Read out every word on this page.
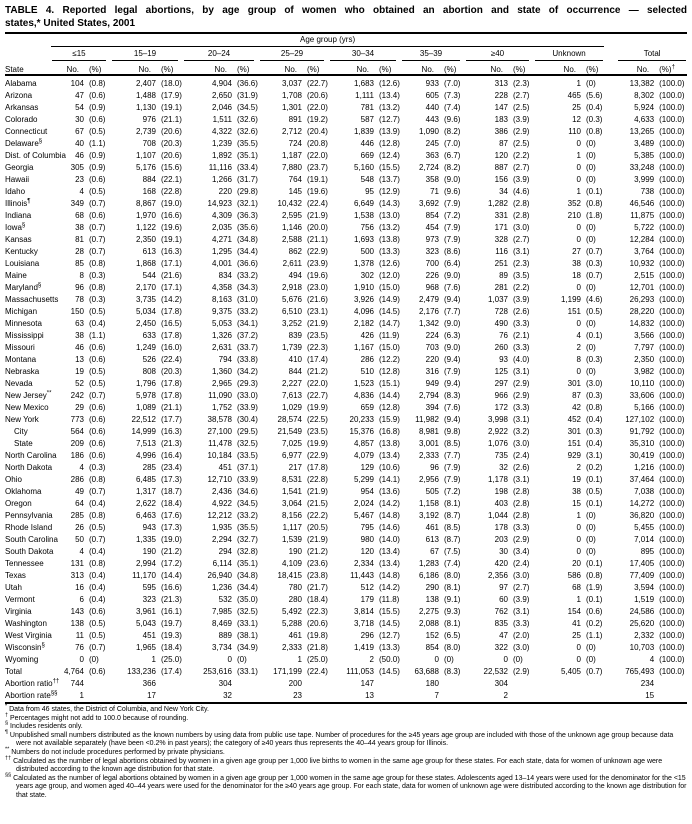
TABLE 4. Reported legal abortions, by age group of women who obtained an abortion and state of occurrence — selected
states,* United States, 2001

	Age group (yrs)																	

	≤15		15–19		20–24		25–29		30–34		35–39		≥40		Unknown		Total	

State	No.	(%)	No.	(%)	No.	(%)	No.	(%)	No.	(%)	No.	(%)	No.	(%)	No.	(%)	No.	(%)†
Alabama	104	(0.8)	2,407	(18.0)	4,904	(36.6)	3,037	(22.7)	1,683	(12.6)	933	(7.0)	313	(2.3)	1	(0)	13,382	(100.0)
Arizona	47	(0.6)	1,488	(17.9)	2,650	(31.9)	1,708	(20.6)	1,111	(13.4)	605	(7.3)	228	(2.7)	465	(5.6)	8,302	(100.0)
Arkansas	54	(0.9)	1,130	(19.1)	2,046	(34.5)	1,301	(22.0)	781	(13.2)	440	(7.4)	147	(2.5)	25	(0.4)	5,924	(100.0)
Colorado	30	(0.6)	976	(21.1)	1,511	(32.6)	891	(19.2)	587	(12.7)	443	(9.6)	183	(3.9)	12	(0.3)	4,633	(100.0)
Connecticut	67	(0.5)	2,739	(20.6)	4,322	(32.6)	2,712	(20.4)	1,839	(13.9)	1,090	(8.2)	386	(2.9)	110	(0.8)	13,265	(100.0)
Delaware§	40	(1.1)	708	(20.3)	1,239	(35.5)	724	(20.8)	446	(12.8)	245	(7.0)	87	(2.5)	0	(0)	3,489	(100.0)
Dist. of Columbia	46	(0.9)	1,107	(20.6)	1,892	(35.1)	1,187	(22.0)	669	(12.4)	363	(6.7)	120	(2.2)	1	(0)	5,385	(100.0)
Georgia	305	(0.9)	5,176	(15.6)	11,116	(33.4)	7,880	(23.7)	5,160	(15.5)	2,724	(8.2)	887	(2.7)	0	(0)	33,248	(100.0)
Hawaii	23	(0.6)	884	(22.1)	1,266	(31.7)	764	(19.1)	548	(13.7)	358	(9.0)	156	(3.9)	0	(0)	3,999	(100.0)
Idaho	4	(0.5)	168	(22.8)	220	(29.8)	145	(19.6)	95	(12.9)	71	(9.6)	34	(4.6)	1	(0.1)	738	(100.0)
Illinois¶	349	(0.7)	8,867	(19.0)	14,923	(32.1)	10,432	(22.4)	6,649	(14.3)	3,692	(7.9)	1,282	(2.8)	352	(0.8)	46,546	(100.0)
Indiana	68	(0.6)	1,970	(16.6)	4,309	(36.3)	2,595	(21.9)	1,538	(13.0)	854	(7.2)	331	(2.8)	210	(1.8)	11,875	(100.0)
Iowa§	38	(0.7)	1,122	(19.6)	2,035	(35.6)	1,146	(20.0)	756	(13.2)	454	(7.9)	171	(3.0)	0	(0)	5,722	(100.0)
Kansas	81	(0.7)	2,350	(19.1)	4,271	(34.8)	2,588	(21.1)	1,693	(13.8)	973	(7.9)	328	(2.7)	0	(0)	12,284	(100.0)
Kentucky	28	(0.7)	613	(16.3)	1,295	(34.4)	862	(22.9)	500	(13.3)	323	(8.6)	116	(3.1)	27	(0.7)	3,764	(100.0)
Louisiana	85	(0.8)	1,868	(17.1)	4,001	(36.6)	2,611	(23.9)	1,378	(12.6)	700	(6.4)	251	(2.3)	38	(0.3)	10,932	(100.0)
Maine	8	(0.3)	544	(21.6)	834	(33.2)	494	(19.6)	302	(12.0)	226	(9.0)	89	(3.5)	18	(0.7)	2,515	(100.0)
Maryland§	96	(0.8)	2,170	(17.1)	4,358	(34.3)	2,918	(23.0)	1,910	(15.0)	968	(7.6)	281	(2.2)	0	(0)	12,701	(100.0)
Massachusetts	78	(0.3)	3,735	(14.2)	8,163	(31.0)	5,676	(21.6)	3,926	(14.9)	2,479	(9.4)	1,037	(3.9)	1,199	(4.6)	26,293	(100.0)
Michigan	150	(0.5)	5,034	(17.8)	9,375	(33.2)	6,510	(23.1)	4,096	(14.5)	2,176	(7.7)	728	(2.6)	151	(0.5)	28,220	(100.0)
Minnesota	63	(0.4)	2,450	(16.5)	5,053	(34.1)	3,252	(21.9)	2,182	(14.7)	1,342	(9.0)	490	(3.3)	0	(0)	14,832	(100.0)
Mississippi	38	(1.1)	633	(17.8)	1,326	(37.2)	839	(23.5)	426	(11.9)	224	(6.3)	76	(2.1)	4	(0.1)	3,566	(100.0)
Missouri	46	(0.6)	1,249	(16.0)	2,631	(33.7)	1,739	(22.3)	1,167	(15.0)	703	(9.0)	260	(3.3)	2	(0)	7,797	(100.0)
Montana	13	(0.6)	526	(22.4)	794	(33.8)	410	(17.4)	286	(12.2)	220	(9.4)	93	(4.0)	8	(0.3)	2,350	(100.0)
Nebraska	19	(0.5)	808	(20.3)	1,360	(34.2)	844	(21.2)	510	(12.8)	316	(7.9)	125	(3.1)	0	(0)	3,982	(100.0)
Nevada	52	(0.5)	1,796	(17.8)	2,965	(29.3)	2,227	(22.0)	1,523	(15.1)	949	(9.4)	297	(2.9)	301	(3.0)	10,110	(100.0)
New Jersey**	242	(0.7)	5,978	(17.8)	11,090	(33.0)	7,613	(22.7)	4,836	(14.4)	2,794	(8.3)	966	(2.9)	87	(0.3)	33,606	(100.0)
New Mexico	29	(0.6)	1,089	(21.1)	1,752	(33.9)	1,029	(19.9)	659	(12.8)	394	(7.6)	172	(3.3)	42	(0.8)	5,166	(100.0)
New York	773	(0.6)	22,512	(17.7)	38,578	(30.4)	28,574	(22.5)	20,233	(15.9)	11,982	(9.4)	3,998	(3.1)	452	(0.4)	127,102	(100.0)
City	564	(0.6)	14,999	(16.3)	27,100	(29.5)	21,549	(23.5)	15,376	(16.8)	8,981	(9.8)	2,922	(3.2)	301	(0.3)	91,792	(100.0)
State	209	(0.6)	7,513	(21.3)	11,478	(32.5)	7,025	(19.9)	4,857	(13.8)	3,001	(8.5)	1,076	(3.0)	151	(0.4)	35,310	(100.0)
North Carolina	186	(0.6)	4,996	(16.4)	10,184	(33.5)	6,977	(22.9)	4,079	(13.4)	2,333	(7.7)	735	(2.4)	929	(3.1)	30,419	(100.0)
North Dakota	4	(0.3)	285	(23.4)	451	(37.1)	217	(17.8)	129	(10.6)	96	(7.9)	32	(2.6)	2	(0.2)	1,216	(100.0)
Ohio	286	(0.8)	6,485	(17.3)	12,710	(33.9)	8,531	(22.8)	5,299	(14.1)	2,956	(7.9)	1,178	(3.1)	19	(0.1)	37,464	(100.0)
Oklahoma	49	(0.7)	1,317	(18.7)	2,436	(34.6)	1,541	(21.9)	954	(13.6)	505	(7.2)	198	(2.8)	38	(0.5)	7,038	(100.0)
Oregon	64	(0.4)	2,622	(18.4)	4,922	(34.5)	3,064	(21.5)	2,024	(14.2)	1,158	(8.1)	403	(2.8)	15	(0.1)	14,272	(100.0)
Pennsylvania	285	(0.8)	6,463	(17.6)	12,212	(33.2)	8,156	(22.2)	5,467	(14.8)	3,192	(8.7)	1,044	(2.8)	1	(0)	36,820	(100.0)
Rhode Island	26	(0.5)	943	(17.3)	1,935	(35.5)	1,117	(20.5)	795	(14.6)	461	(8.5)	178	(3.3)	0	(0)	5,455	(100.0)
South Carolina	50	(0.7)	1,335	(19.0)	2,294	(32.7)	1,539	(21.9)	980	(14.0)	613	(8.7)	203	(2.9)	0	(0)	7,014	(100.0)
South Dakota	4	(0.4)	190	(21.2)	294	(32.8)	190	(21.2)	120	(13.4)	67	(7.5)	30	(3.4)	0	(0)	895	(100.0)
Tennessee	131	(0.8)	2,994	(17.2)	6,114	(35.1)	4,109	(23.6)	2,334	(13.4)	1,283	(7.4)	420	(2.4)	20	(0.1)	17,405	(100.0)
Texas	313	(0.4)	11,170	(14.4)	26,940	(34.8)	18,415	(23.8)	11,443	(14.8)	6,186	(8.0)	2,356	(3.0)	586	(0.8)	77,409	(100.0)
Utah	16	(0.4)	595	(16.6)	1,236	(34.4)	780	(21.7)	512	(14.2)	290	(8.1)	97	(2.7)	68	(1.9)	3,594	(100.0)
Vermont	6	(0.4)	323	(21.3)	532	(35.0)	280	(18.4)	179	(11.8)	138	(9.1)	60	(3.9)	1	(0.1)	1,519	(100.0)
Virginia	143	(0.6)	3,961	(16.1)	7,985	(32.5)	5,492	(22.3)	3,814	(15.5)	2,275	(9.3)	762	(3.1)	154	(0.6)	24,586	(100.0)
Washington	138	(0.5)	5,043	(19.7)	8,469	(33.1)	5,288	(20.6)	3,718	(14.5)	2,088	(8.1)	835	(3.3)	41	(0.2)	25,620	(100.0)
West Virginia	11	(0.5)	451	(19.3)	889	(38.1)	461	(19.8)	296	(12.7)	152	(6.5)	47	(2.0)	25	(1.1)	2,332	(100.0)
Wisconsin§	76	(0.7)	1,965	(18.4)	3,734	(34.9)	2,333	(21.8)	1,419	(13.3)	854	(8.0)	322	(3.0)	0	(0)	10,703	(100.0)
Wyoming	0	(0)	1	(25.0)	0	(0)	1	(25.0)	2	(50.0)	0	(0)	0	(0)	0	(0)	4	(100.0)
Total	4,764	(0.6)	133,236	(17.4)	253,616	(33.1)	171,199	(22.4)	111,053	(14.5)	63,688	(8.3)	22,532	(2.9)	5,405	(0.7)	765,493	(100.0)
Abortion ratio††	744		366		304		200		147		180		304				234	
Abortion rate§§	1		17		32		23		13		7		2				15	
* Data from 46 states, the District of Columbia, and New York City.
† Percentages might not add to 100.0 because of rounding.
§ Includes residents only.
¶ Unpublished small numbers distributed as the known numbers by using data from public use tape. Number of procedures for the ≥45 years age group are included with those of the unknown age group because data were not available separately (have been <0.2% in past years); the category of ≥40 years thus represents the 40–44 years group for Illinois.
** Numbers do not include procedures performed by private physicians.
†† Calculated as the number of legal abortions obtained by women in a given age group per 1,000 live births to women in the same age group for these states. For each state, data for women of unknown age were distributed according to the known age distribution for that state.
§§ Calculated as the number of legal abortions obtained by women in a given age group per 1,000 women in the same age group for these states. Adolescents aged 13–14 years were used for the denominator for the <15 years age group, and women aged 40–44 years were used for the denominator for the ≥40 years age group. For each state, data for women of unknown age were distributed according to the known age distribution for that state.
